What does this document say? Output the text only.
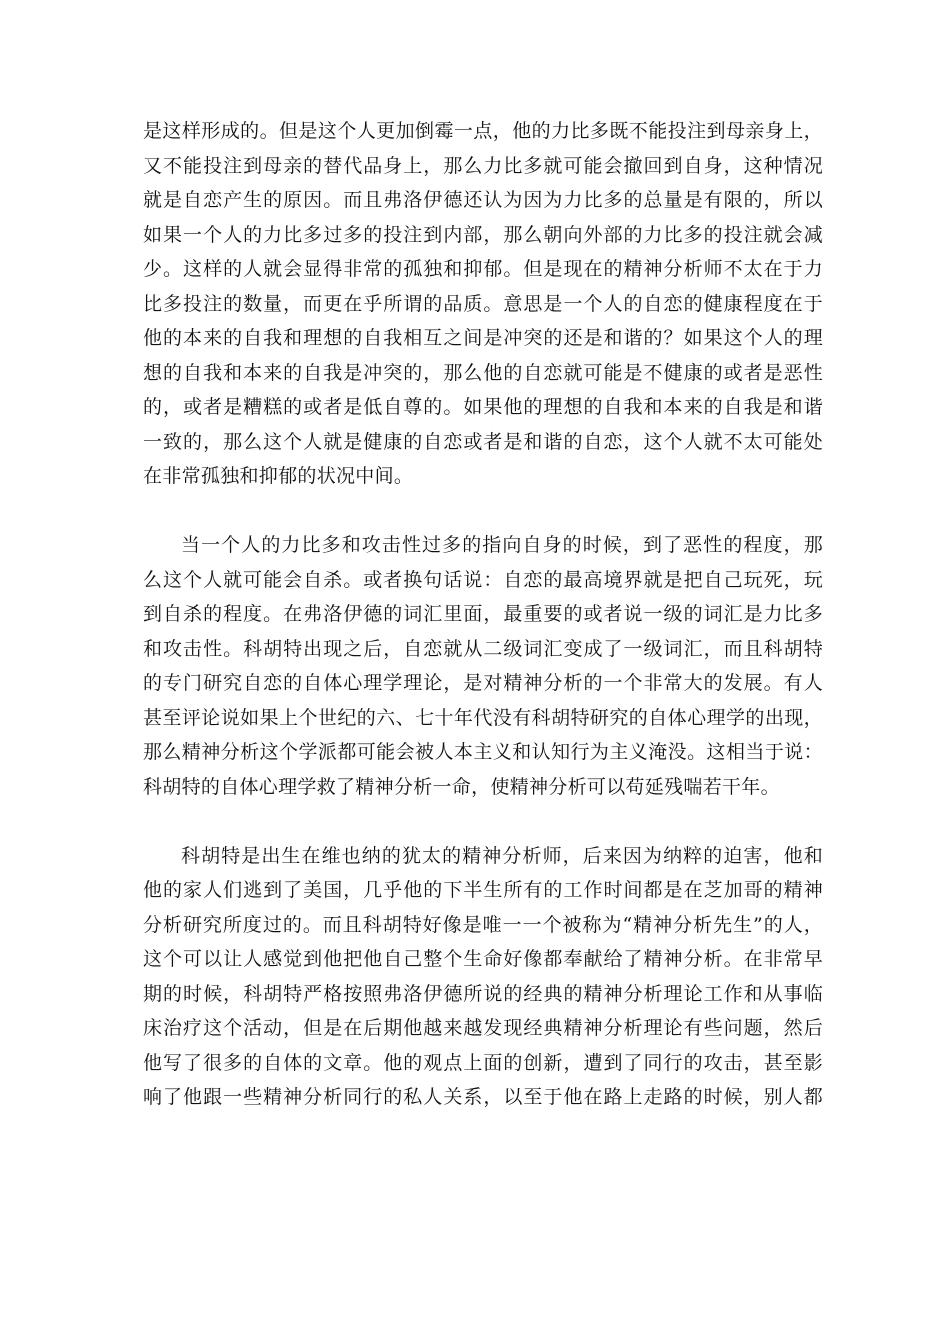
是这样形成的。但是这个人更加倒霉一点，他的力比多既不能投注到母亲身上，
又不能投注到母亲的替代品身上，那么力比多就可能会撤回到自身，这种情况
就是自恋产生的原因。而且弗洛伊德还认为因为力比多的总量是有限的，所以
如果一个人的力比多过多的投注到内部，那么朝向外部的力比多的投注就会减
少。这样的人就会显得非常的孤独和抑郁。但是现在的精神分析师不太在于力
比多投注的数量，而更在乎所谓的品质。意思是一个人的自恋的健康程度在于
他的本来的自我和理想的自我相互之间是冲突的还是和谐的？如果这个人的理
想的自我和本来的自我是冲突的，那么他的自恋就可能是不健康的或者是恶性
的，或者是糟糕的或者是低自尊的。如果他的理想的自我和本来的自我是和谐
一致的，那么这个人就是健康的自恋或者是和谐的自恋，这个人就不太可能处
在非常孤独和抑郁的状况中间。
当一个人的力比多和攻击性过多的指向自身的时候，到了恶性的程度，那
么这个人就可能会自杀。或者换句话说：自恋的最高境界就是把自己玩死，玩
到自杀的程度。在弗洛伊德的词汇里面，最重要的或者说一级的词汇是力比多
和攻击性。科胡特出现之后，自恋就从二级词汇变成了一级词汇，而且科胡特
的专门研究自恋的自体心理学理论，是对精神分析的一个非常大的发展。有人
甚至评论说如果上个世纪的六、七十年代没有科胡特研究的自体心理学的出现，
那么精神分析这个学派都可能会被人本主义和认知行为主义淹没。这相当于说：
科胡特的自体心理学救了精神分析一命，使精神分析可以苟延残喘若干年。
科胡特是出生在维也纳的犹太的精神分析师，后来因为纳粹的迫害，他和
他的家人们逃到了美国，几乎他的下半生所有的工作时间都是在芝加哥的精神
分析研究所度过的。而且科胡特好像是唯一一个被称为“精神分析先生”的人，
这个可以让人感觉到他把他自己整个生命好像都奉献给了精神分析。在非常早
期的时候，科胡特严格按照弗洛伊德所说的经典的精神分析理论工作和从事临
床治疗这个活动，但是在后期他越来越发现经典精神分析理论有些问题，然后
他写了很多的自体的文章。他的观点上面的创新，遭到了同行的攻击，甚至影
响了他跟一些精神分析同行的私人关系，以至于他在路上走路的时候，别人都
